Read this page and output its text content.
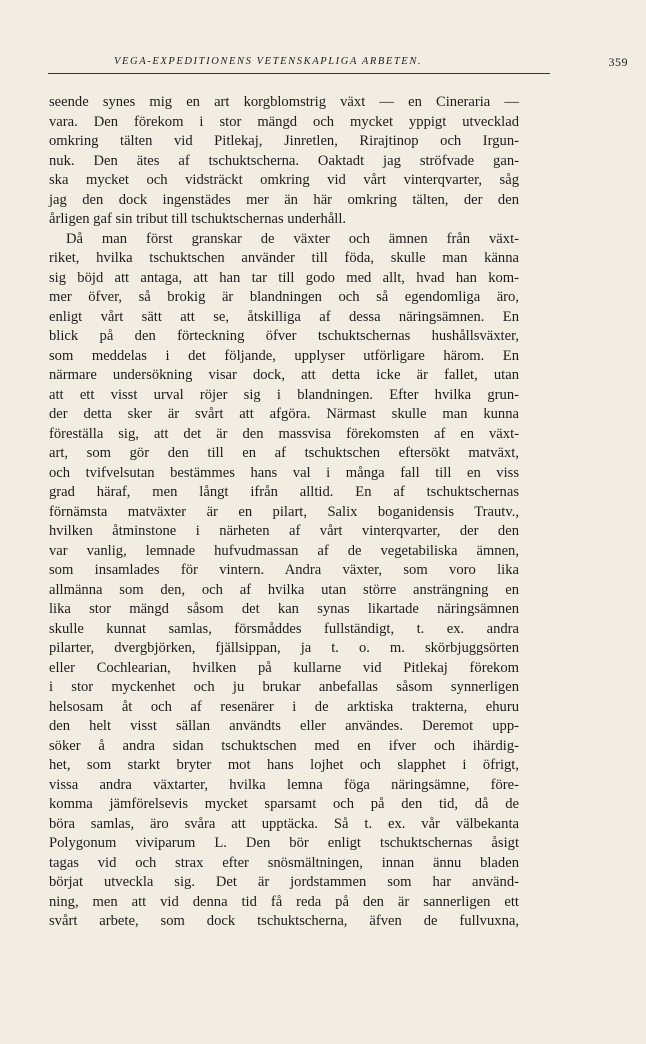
VEGA-EXPEDITIONENS VETENSKAPLIGA ARBETEN.	359
seende synes mig en art korgblomstrig växt — en Cineraria —
vara. Den förekom i stor mängd och mycket yppigt utvecklad
omkring tälten vid Pitlekaj, Jinretlen, Rirajtinop och Irgun-
nuk. Den ätes af tschuktscherna. Oaktadt jag ströfvade gan-
ska mycket och vidsträckt omkring vid vårt vinterqvarter, såg
jag den dock ingenstädes mer än här omkring tälten, der den
årligen gaf sin tribut till tschuktschernas underhåll.
Då man först granskar de växter och ämnen från växt-
riket, hvilka tschuktschen använder till föda, skulle man känna
sig böjd att antaga, att han tar till godo med allt, hvad han kom-
mer öfver, så brokig är blandningen och så egendomliga äro,
enligt vårt sätt att se, åtskilliga af dessa näringsämnen. En
blick på den förteckning öfver tschuktschernas hushållsväxter,
som meddelas i det följande, upplyser utförligare härom. En
närmare undersökning visar dock, att detta icke är fallet, utan
att ett visst urval röjer sig i blandningen. Efter hvilka grun-
der detta sker är svårt att afgöra. Närmast skulle man kunna
föreställa sig, att det är den massvisa förekomsten af en växt-
art, som gör den till en af tschuktschen eftersökt matväxt,
och tvifvelsutan bestämmes hans val i många fall till en viss
grad häraf, men långt ifrån alltid. En af tschuktschernas
förnämsta matväxter är en pilart, Salix boganidensis Trautv.,
hvilken åtminstone i närheten af vårt vinterqvarter, der den
var vanlig, lemnade hufvudmassan af de vegetabiliska ämnen,
som insamlades för vintern. Andra växter, som voro lika
allmänna som den, och af hvilka utan större ansträngning en
lika stor mängd såsom det kan synas likartade näringsämnen
skulle kunnat samlas, försmåddes fullständigt, t. ex. andra
pilarter, dvergbjörken, fjällsippan, ja t. o. m. skörbjuggsörten
eller Cochlearian, hvilken på kullarne vid Pitlekaj förekom
i stor myckenhet och ju brukar anbefallas såsom synnerligen
helsosam åt och af resenärer i de arktiska trakterna, ehuru
den helt visst sällan användts eller användes. Deremot upp-
söker å andra sidan tschuktschen med en ifver och ihärdig-
het, som starkt bryter mot hans lojhet och slapphet i öfrigt,
vissa andra växtarter, hvilka lemna föga näringsämne, före-
komma jämförelsevis mycket sparsamt och på den tid, då de
böra samlas, äro svåra att upptäcka. Så t. ex. vår välbekanta
Polygonum viviparum L. Den bör enligt tschuktschernas åsigt
tagas vid och strax efter snösmältningen, innan ännu bladen
börjat utveckla sig. Det är jordstammen som har använd-
ning, men att vid denna tid få reda på den är sannerligen ett
svårt arbete, som dock tschuktscherna, äfven de fullvuxna,
